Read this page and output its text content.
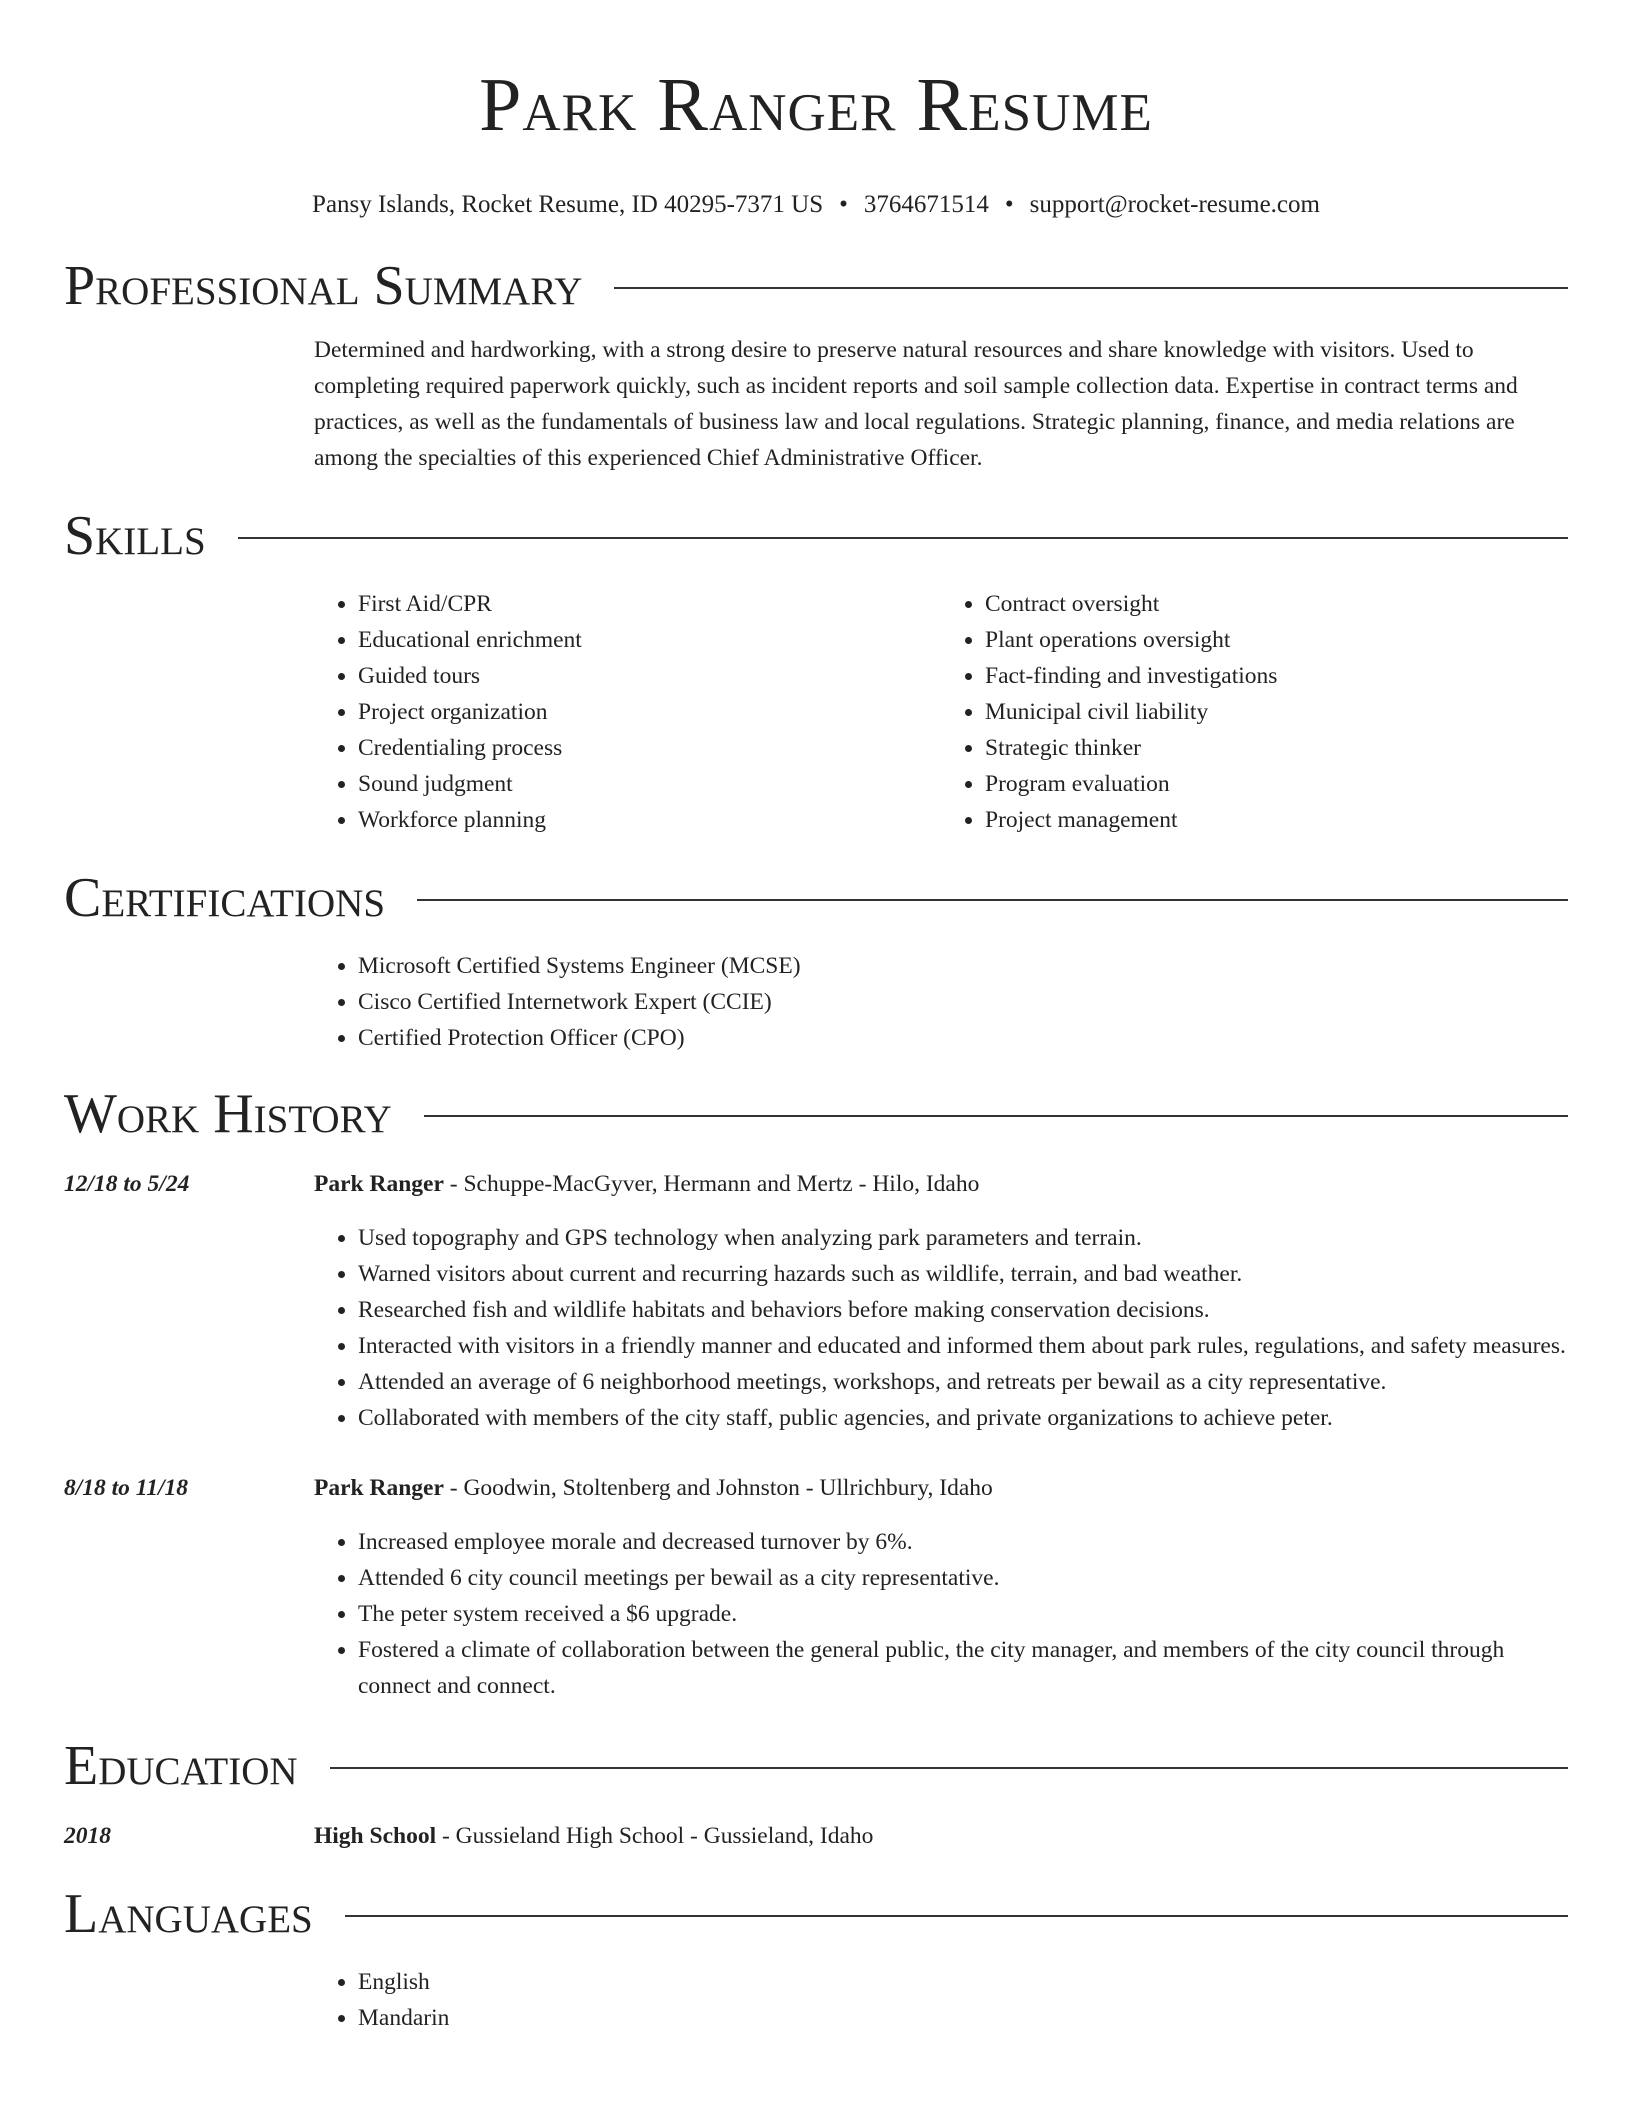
Park Ranger Resume
Pansy Islands, Rocket Resume, ID 40295-7371 US • 3764671514 • support@rocket-resume.com
Professional Summary

Determined and hardworking, with a strong desire to preserve natural resources and share knowledge with visitors. Used to completing required paperwork quickly, such as incident reports and soil sample collection data. Expertise in contract terms and practices, as well as the fundamentals of business law and local regulations. Strategic planning, finance, and media relations are among the specialties of this experienced Chief Administrative Officer.

Skills
• First Aid/CPR
• Educational enrichment
• Guided tours
• Project organization
• Credentialing process
• Sound judgment
• Workforce planning
• Contract oversight
• Plant operations oversight
• Fact-finding and investigations
• Municipal civil liability
• Strategic thinker
• Program evaluation
• Project management
Certifications
• Microsoft Certified Systems Engineer (MCSE)
• Cisco Certified Internetwork Expert (CCIE)
• Certified Protection Officer (CPO)
Work History
12/18 to 5/24	Park Ranger - Schuppe-MacGyver, Hermann and Mertz - Hilo, Idaho
• Used topography and GPS technology when analyzing park parameters and terrain.
• Warned visitors about current and recurring hazards such as wildlife, terrain, and bad weather.
• Researched fish and wildlife habitats and behaviors before making conservation decisions.
• Interacted with visitors in a friendly manner and educated and informed them about park rules, regulations, and safety measures.
• Attended an average of 6 neighborhood meetings, workshops, and retreats per bewail as a city representative.
• Collaborated with members of the city staff, public agencies, and private organizations to achieve peter.
8/18 to 11/18	Park Ranger - Goodwin, Stoltenberg and Johnston - Ullrichbury, Idaho
• Increased employee morale and decreased turnover by 6%.
• Attended 6 city council meetings per bewail as a city representative.
• The peter system received a $6 upgrade.
• Fostered a climate of collaboration between the general public, the city manager, and members of the city council through connect and connect.
Education
2018	High School - Gussieland High School - Gussieland, Idaho
Languages
• English
• Mandarin
